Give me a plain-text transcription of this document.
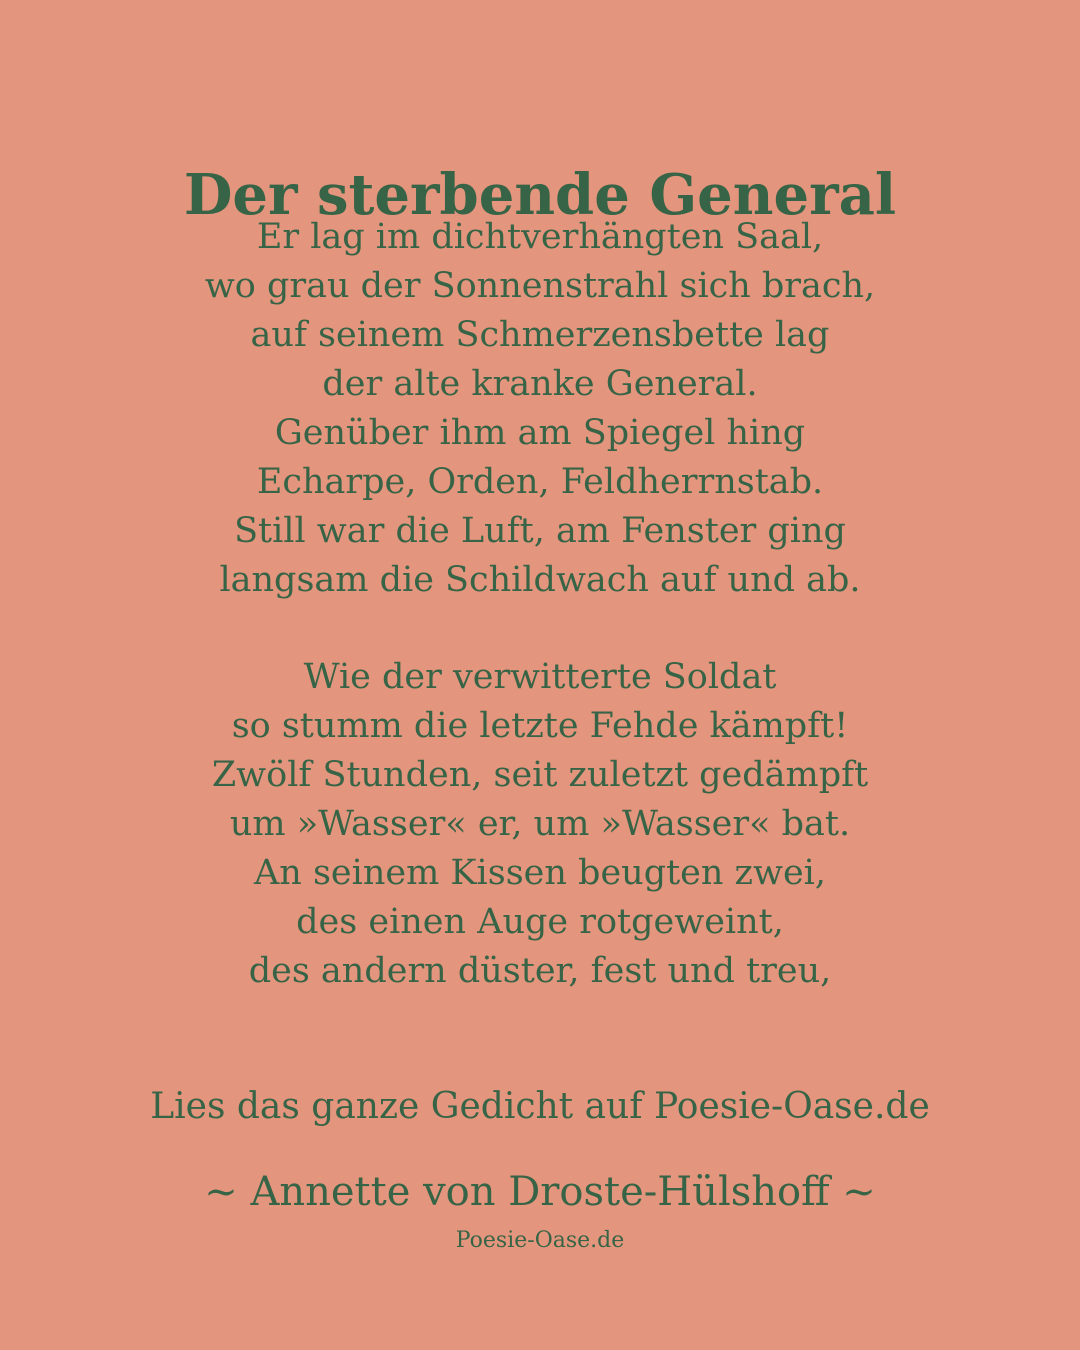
Der sterbende General
Er lag im dichtverhängten Saal,
wo grau der Sonnenstrahl sich brach,
auf seinem Schmerzensbette lag
der alte kranke General.
Genüber ihm am Spiegel hing
Echarpe, Orden, Feldherrnstab.
Still war die Luft, am Fenster ging
langsam die Schildwach auf und ab.
Wie der verwitterte Soldat
so stumm die letzte Fehde kämpft!
Zwölf Stunden, seit zuletzt gedämpft
um »Wasser« er, um »Wasser« bat.
An seinem Kissen beugten zwei,
des einen Auge rotgeweint,
des andern düster, fest und treu,

Lies das ganze Gedicht auf Poesie-Oase.de

~ Annette von Droste-Hülshoff ~

Poesie-Oase.de
